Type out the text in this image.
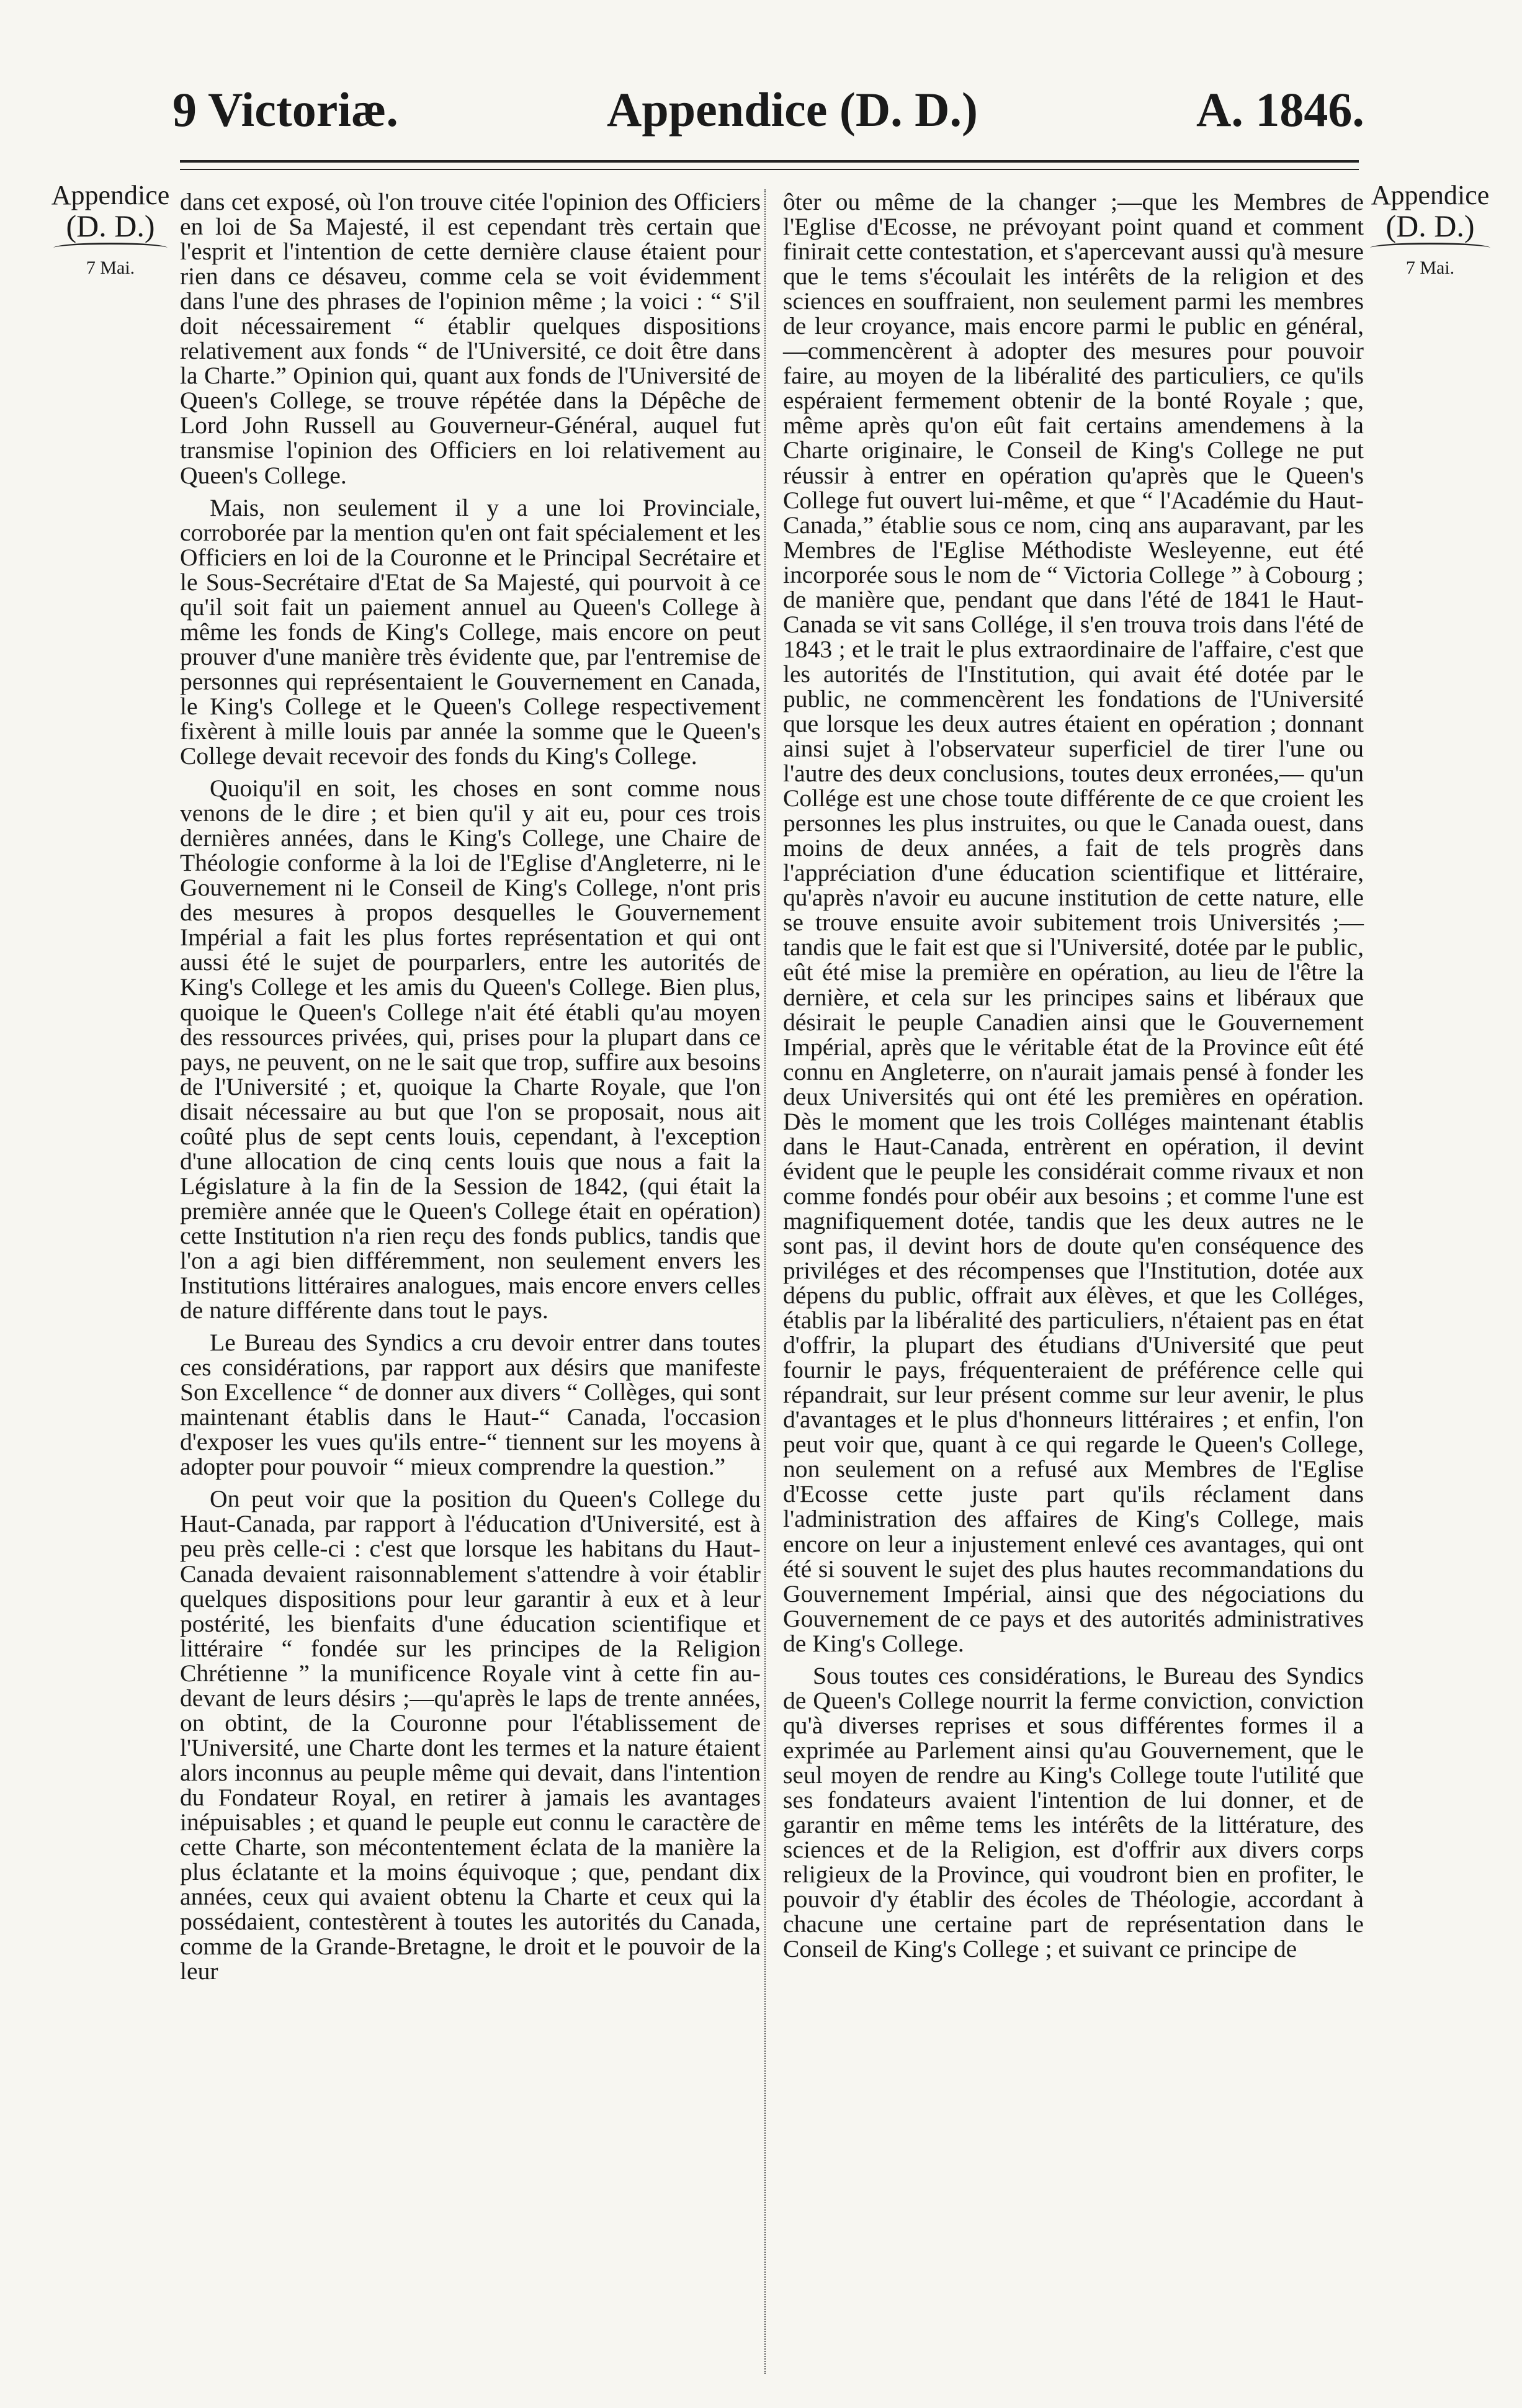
9 Victoriæ.	Appendice (D. D.)	A. 1846.
Appendice
(D. D.)
7 Mai.
Appendice
(D. D.)
7 Mai.

dans cet exposé, où l'on trouve citée l'opinion des Officiers en loi de Sa Majesté, il est cependant très certain que l'esprit et l'intention de cette dernière clause étaient pour rien dans ce désaveu, comme cela se voit évidemment dans l'une des phrases de l'opinion même ; la voici : “ S'il doit nécessairement “ établir quelques dispositions relativement aux fonds “ de l'Université, ce doit être dans la Charte.” Opinion qui, quant aux fonds de l'Université de Queen's College, se trouve répétée dans la Dépêche de Lord John Russell au Gouverneur-Général, auquel fut transmise l'opinion des Officiers en loi relativement au Queen's College.

Mais, non seulement il y a une loi Provinciale, corroborée par la mention qu'en ont fait spécialement et les Officiers en loi de la Couronne et le Principal Secrétaire et le Sous-Secrétaire d'Etat de Sa Majesté, qui pourvoit à ce qu'il soit fait un paiement annuel au Queen's College à même les fonds de King's College, mais encore on peut prouver d'une manière très évidente que, par l'entremise de personnes qui représentaient le Gouvernement en Canada, le King's College et le Queen's College respectivement fixèrent à mille louis par année la somme que le Queen's College devait recevoir des fonds du King's College.

Quoiqu'il en soit, les choses en sont comme nous venons de le dire ; et bien qu'il y ait eu, pour ces trois dernières années, dans le King's College, une Chaire de Théologie conforme à la loi de l'Eglise d'Angleterre, ni le Gouvernement ni le Conseil de King's College, n'ont pris des mesures à propos desquelles le Gouvernement Impérial a fait les plus fortes représentation et qui ont aussi été le sujet de pourparlers, entre les autorités de King's College et les amis du Queen's College. Bien plus, quoique le Queen's College n'ait été établi qu'au moyen des ressources privées, qui, prises pour la plupart dans ce pays, ne peuvent, on ne le sait que trop, suffire aux besoins de l'Université ; et, quoique la Charte Royale, que l'on disait nécessaire au but que l'on se proposait, nous ait coûté plus de sept cents louis, cependant, à l'exception d'une allocation de cinq cents louis que nous a fait la Législature à la fin de la Session de 1842, (qui était la première année que le Queen's College était en opération) cette Institution n'a rien reçu des fonds publics, tandis que l'on a agi bien différemment, non seulement envers les Institutions littéraires analogues, mais encore envers celles de nature différente dans tout le pays.

Le Bureau des Syndics a cru devoir entrer dans toutes ces considérations, par rapport aux désirs que manifeste Son Excellence “ de donner aux divers “ Collèges, qui sont maintenant établis dans le Haut-“ Canada, l'occasion d'exposer les vues qu'ils entre-“ tiennent sur les moyens à adopter pour pouvoir “ mieux comprendre la question.”

On peut voir que la position du Queen's College du Haut-Canada, par rapport à l'éducation d'Université, est à peu près celle-ci : c'est que lorsque les habitans du Haut-Canada devaient raisonnablement s'attendre à voir établir quelques dispositions pour leur garantir à eux et à leur postérité, les bienfaits d'une éducation scientifique et littéraire “ fondée sur les principes de la Religion Chrétienne ” la munificence Royale vint à cette fin au-devant de leurs désirs ;—qu'après le laps de trente années, on obtint, de la Couronne pour l'établissement de l'Université, une Charte dont les termes et la nature étaient alors inconnus au peuple même qui devait, dans l'intention du Fondateur Royal, en retirer à jamais les avantages inépuisables ; et quand le peuple eut connu le caractère de cette Charte, son mécontentement éclata de la manière la plus éclatante et la moins équivoque ; que, pendant dix années, ceux qui avaient obtenu la Charte et ceux qui la possédaient, contestèrent à toutes les autorités du Canada, comme de la Grande-Bretagne, le droit et le pouvoir de la leur

ôter ou même de la changer ;—que les Membres de l'Eglise d'Ecosse, ne prévoyant point quand et comment finirait cette contestation, et s'apercevant aussi qu'à mesure que le tems s'écoulait les intérêts de la religion et des sciences en souffraient, non seulement parmi les membres de leur croyance, mais encore parmi le public en général,—commencèrent à adopter des mesures pour pouvoir faire, au moyen de la libéralité des particuliers, ce qu'ils espéraient fermement obtenir de la bonté Royale ; que, même après qu'on eût fait certains amendemens à la Charte originaire, le Conseil de King's College ne put réussir à entrer en opération qu'après que le Queen's College fut ouvert lui-même, et que “ l'Académie du Haut-Canada,” établie sous ce nom, cinq ans auparavant, par les Membres de l'Eglise Méthodiste Wesleyenne, eut été incorporée sous le nom de “ Victoria College ” à Cobourg ; de manière que, pendant que dans l'été de 1841 le Haut-Canada se vit sans Collége, il s'en trouva trois dans l'été de 1843 ; et le trait le plus extraordinaire de l'affaire, c'est que les autorités de l'Institution, qui avait été dotée par le public, ne commencèrent les fondations de l'Université que lorsque les deux autres étaient en opération ; donnant ainsi sujet à l'observateur superficiel de tirer l'une ou l'autre des deux conclusions, toutes deux erronées,— qu'un Collége est une chose toute différente de ce que croient les personnes les plus instruites, ou que le Canada ouest, dans moins de deux années, a fait de tels progrès dans l'appréciation d'une éducation scientifique et littéraire, qu'après n'avoir eu aucune institution de cette nature, elle se trouve ensuite avoir subitement trois Universités ;—tandis que le fait est que si l'Université, dotée par le public, eût été mise la première en opération, au lieu de l'être la dernière, et cela sur les principes sains et libéraux que désirait le peuple Canadien ainsi que le Gouvernement Impérial, après que le véritable état de la Province eût été connu en Angleterre, on n'aurait jamais pensé à fonder les deux Universités qui ont été les premières en opération. Dès le moment que les trois Colléges maintenant établis dans le Haut-Canada, entrèrent en opération, il devint évident que le peuple les considérait comme rivaux et non comme fondés pour obéir aux besoins ; et comme l'une est magnifiquement dotée, tandis que les deux autres ne le sont pas, il devint hors de doute qu'en conséquence des priviléges et des récompenses que l'Institution, dotée aux dépens du public, offrait aux élèves, et que les Colléges, établis par la libéralité des particuliers, n'étaient pas en état d'offrir, la plupart des étudians d'Université que peut fournir le pays, fréquenteraient de préférence celle qui répandrait, sur leur présent comme sur leur avenir, le plus d'avantages et le plus d'honneurs littéraires ; et enfin, l'on peut voir que, quant à ce qui regarde le Queen's College, non seulement on a refusé aux Membres de l'Eglise d'Ecosse cette juste part qu'ils réclament dans l'administration des affaires de King's College, mais encore on leur a injustement enlevé ces avantages, qui ont été si souvent le sujet des plus hautes recommandations du Gouvernement Impérial, ainsi que des négociations du Gouvernement de ce pays et des autorités administratives de King's College.

Sous toutes ces considérations, le Bureau des Syndics de Queen's College nourrit la ferme conviction, conviction qu'à diverses reprises et sous différentes formes il a exprimée au Parlement ainsi qu'au Gouvernement, que le seul moyen de rendre au King's College toute l'utilité que ses fondateurs avaient l'intention de lui donner, et de garantir en même tems les intérêts de la littérature, des sciences et de la Religion, est d'offrir aux divers corps religieux de la Province, qui voudront bien en profiter, le pouvoir d'y établir des écoles de Théologie, accordant à chacune une certaine part de représentation dans le Conseil de King's College ; et suivant ce principe de
